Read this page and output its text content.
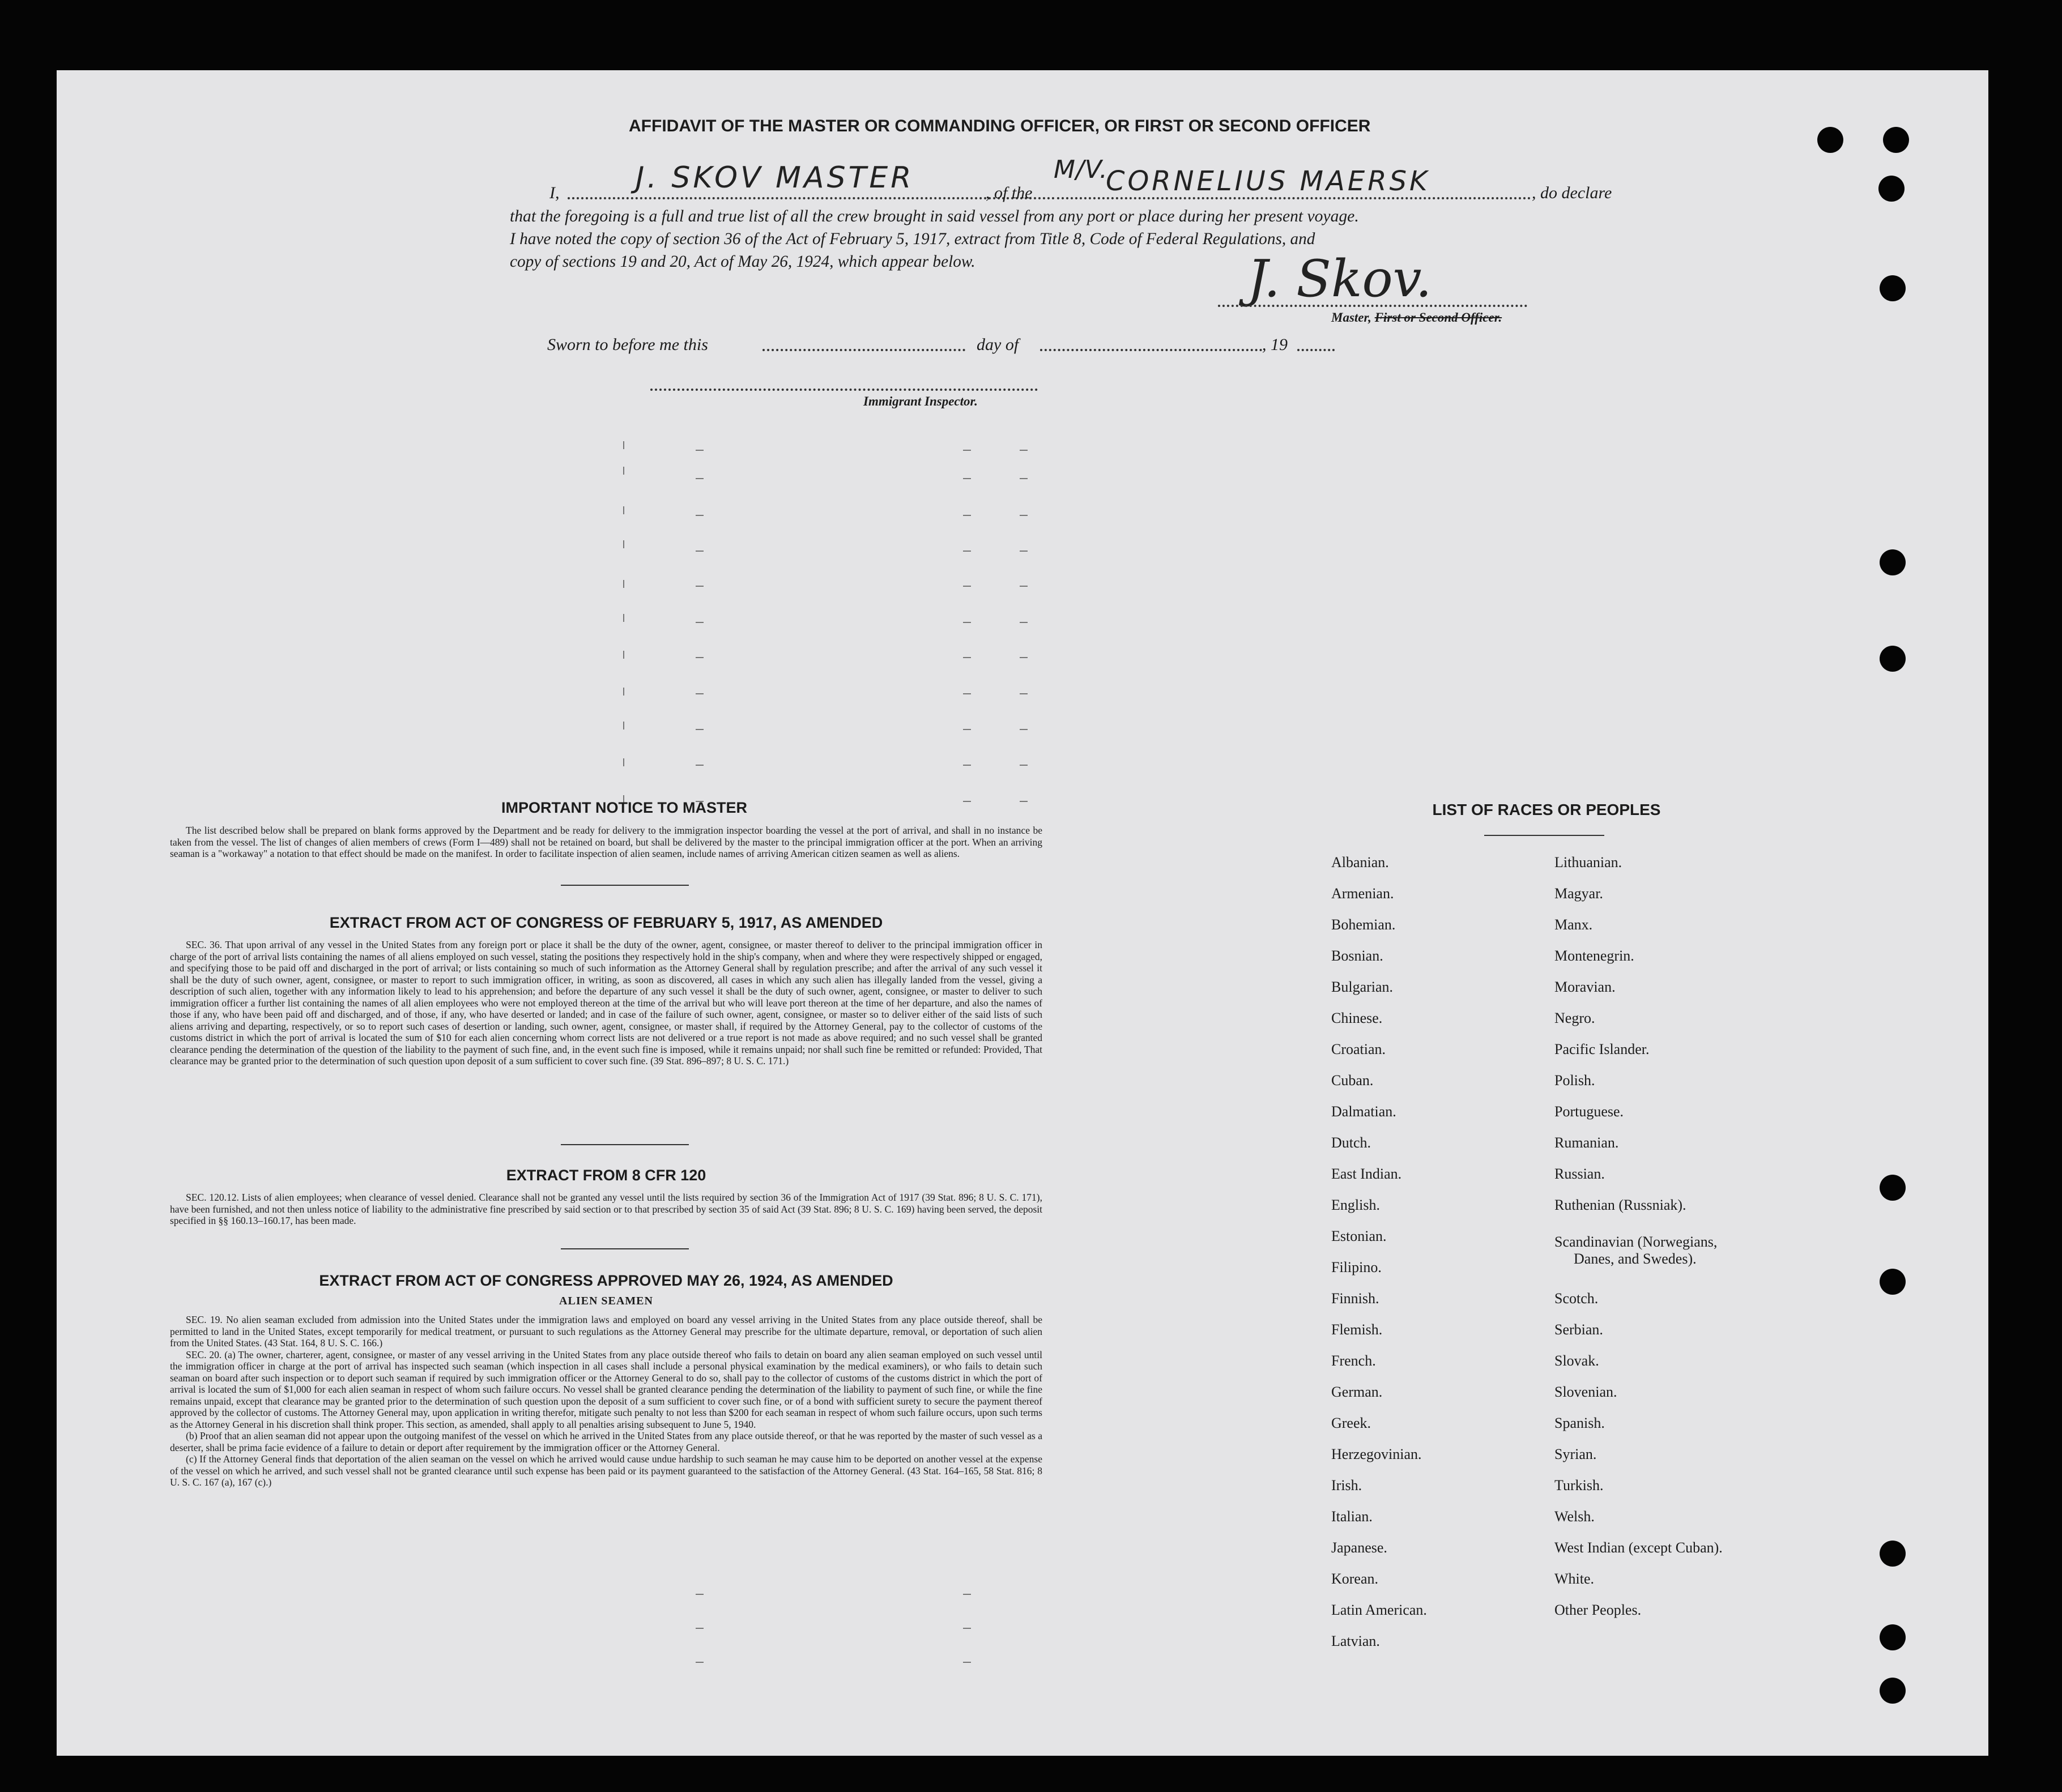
AFFIDAVIT OF THE MASTER OR COMMANDING OFFICER, OR FIRST OR SECOND OFFICER
I,	J. SKOV MASTER	, of the
M/V.
CORNELIUS MAERSK	, do declare
that the foregoing is a full and true list of all the crew brought in said vessel from any port or place during her present voyage.
I have noted the copy of section 36 of the Act of February 5, 1917, extract from Title 8, Code of Federal Regulations, and
copy of sections 19 and 20, Act of May 26, 1924, which appear below.	J. Skov.
Master, First or Second Officer.
Sworn to before me this	day of	, 19
Immigrant Inspector.
IMPORTANT NOTICE TO MASTER

The list described below shall be prepared on blank forms approved by the Department and be ready for delivery to the immigration inspector boarding the vessel at the port of arrival, and shall in no instance be taken from the vessel. The list of changes of alien members of crews (Form I—489) shall not be retained on board, but shall be delivered by the master to the principal immigration officer at the port. When an arriving seaman is a "workaway" a notation to that effect should be made on the manifest. In order to facilitate inspection of alien seamen, include names of arriving American citizen seamen as well as aliens.

EXTRACT FROM ACT OF CONGRESS OF FEBRUARY 5, 1917, AS AMENDED

SEC. 36. That upon arrival of any vessel in the United States from any foreign port or place it shall be the duty of the owner, agent, consignee, or master thereof to deliver to the principal immigration officer in charge of the port of arrival lists containing the names of all aliens employed on such vessel, stating the positions they respectively hold in the ship's company, when and where they were respectively shipped or engaged, and specifying those to be paid off and discharged in the port of arrival; or lists containing so much of such information as the Attorney General shall by regulation prescribe; and after the arrival of any such vessel it shall be the duty of such owner, agent, consignee, or master to report to such immigration officer, in writing, as soon as discovered, all cases in which any such alien has illegally landed from the vessel, giving a description of such alien, together with any information likely to lead to his apprehension; and before the departure of any such vessel it shall be the duty of such owner, agent, consignee, or master to deliver to such immigration officer a further list containing the names of all alien employees who were not employed thereon at the time of the arrival but who will leave port thereon at the time of her departure, and also the names of those if any, who have been paid off and discharged, and of those, if any, who have deserted or landed; and in case of the failure of such owner, agent, consignee, or master so to deliver either of the said lists of such aliens arriving and departing, respectively, or so to report such cases of desertion or landing, such owner, agent, consignee, or master shall, if required by the Attorney General, pay to the collector of customs of the customs district in which the port of arrival is located the sum of $10 for each alien concerning whom correct lists are not delivered or a true report is not made as above required; and no such vessel shall be granted clearance pending the determination of the question of the liability to the payment of such fine, and, in the event such fine is imposed, while it remains unpaid; nor shall such fine be remitted or refunded: Provided, That clearance may be granted prior to the determination of such question upon deposit of a sum sufficient to cover such fine. (39 Stat. 896–897; 8 U. S. C. 171.)

EXTRACT FROM 8 CFR 120

SEC. 120.12. Lists of alien employees; when clearance of vessel denied. Clearance shall not be granted any vessel until the lists required by section 36 of the Immigration Act of 1917 (39 Stat. 896; 8 U. S. C. 171), have been furnished, and not then unless notice of liability to the administrative fine prescribed by said section or to that prescribed by section 35 of said Act (39 Stat. 896; 8 U. S. C. 169) having been served, the deposit specified in §§ 160.13–160.17, has been made.

EXTRACT FROM ACT OF CONGRESS APPROVED MAY 26, 1924, AS AMENDED
ALIEN SEAMEN

SEC. 19. No alien seaman excluded from admission into the United States under the immigration laws and employed on board any vessel arriving in the United States from any place outside thereof, shall be permitted to land in the United States, except temporarily for medical treatment, or pursuant to such regulations as the Attorney General may prescribe for the ultimate departure, removal, or deportation of such alien from the United States. (43 Stat. 164, 8 U. S. C. 166.)

SEC. 20. (a) The owner, charterer, agent, consignee, or master of any vessel arriving in the United States from any place outside thereof who fails to detain on board any alien seaman employed on such vessel until the immigration officer in charge at the port of arrival has inspected such seaman (which inspection in all cases shall include a personal physical examination by the medical examiners), or who fails to detain such seaman on board after such inspection or to deport such seaman if required by such immigration officer or the Attorney General to do so, shall pay to the collector of customs of the customs district in which the port of arrival is located the sum of $1,000 for each alien seaman in respect of whom such failure occurs. No vessel shall be granted clearance pending the determination of the liability to payment of such fine, or while the fine remains unpaid, except that clearance may be granted prior to the determination of such question upon the deposit of a sum sufficient to cover such fine, or of a bond with sufficient surety to secure the payment thereof approved by the collector of customs. The Attorney General may, upon application in writing therefor, mitigate such penalty to not less than $200 for each seaman in respect of whom such failure occurs, upon such terms as the Attorney General in his discretion shall think proper. This section, as amended, shall apply to all penalties arising subsequent to June 5, 1940.

(b) Proof that an alien seaman did not appear upon the outgoing manifest of the vessel on which he arrived in the United States from any place outside thereof, or that he was reported by the master of such vessel as a deserter, shall be prima facie evidence of a failure to detain or deport after requirement by the immigration officer or the Attorney General.

(c) If the Attorney General finds that deportation of the alien seaman on the vessel on which he arrived would cause undue hardship to such seaman he may cause him to be deported on another vessel at the expense of the vessel on which he arrived, and such vessel shall not be granted clearance until such expense has been paid or its payment guaranteed to the satisfaction of the Attorney General. (43 Stat. 164–165, 58 Stat. 816; 8 U. S. C. 167 (a), 167 (c).)

LIST OF RACES OR PEOPLES
Albanian.
Armenian.
Bohemian.
Bosnian.
Bulgarian.
Chinese.
Croatian.
Cuban.
Dalmatian.
Dutch.
East Indian.
English.
Estonian.
Filipino.
Finnish.
Flemish.
French.
German.
Greek.
Herzegovinian.
Irish.
Italian.
Japanese.
Korean.
Latin American.
Latvian.
Lithuanian.
Magyar.
Manx.
Montenegrin.
Moravian.
Negro.
Pacific Islander.
Polish.
Portuguese.
Rumanian.
Russian.
Ruthenian (Russniak).
Scandinavian (Norwegians,
Danes, and Swedes).
Scotch.
Serbian.
Slovak.
Slovenian.
Spanish.
Syrian.
Turkish.
Welsh.
West Indian (except Cuban).
White.
Other Peoples.
